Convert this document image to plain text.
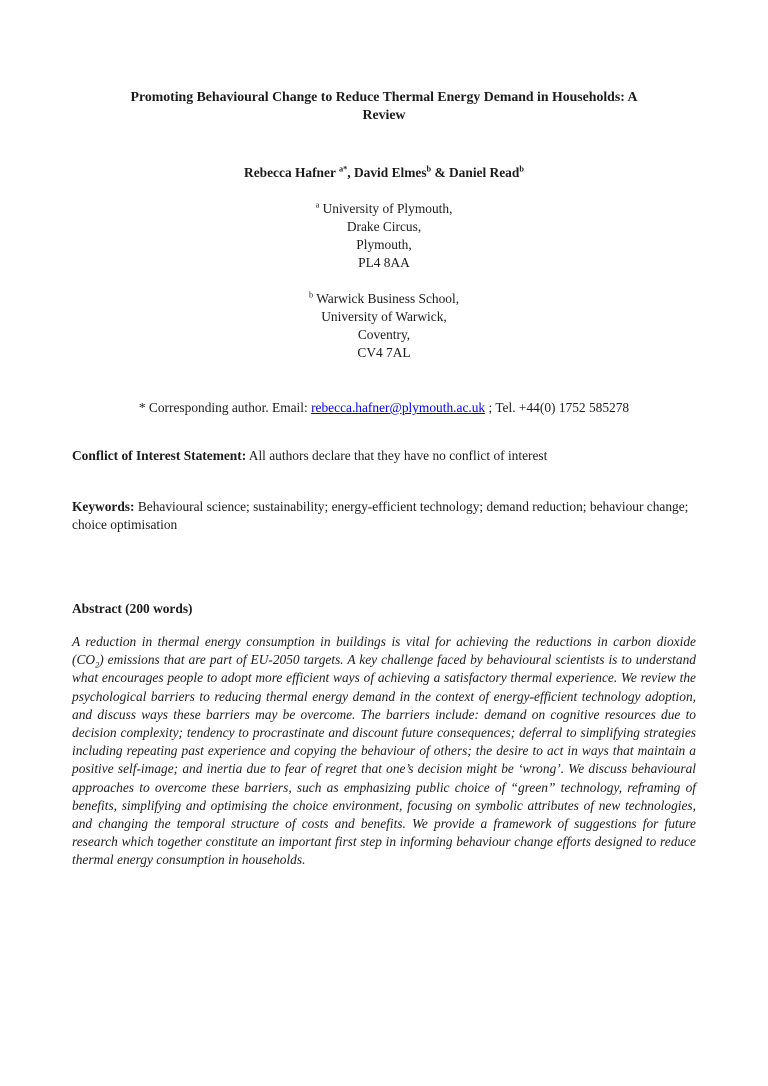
Promoting Behavioural Change to Reduce Thermal Energy Demand in Households: A
Review
Rebecca Hafner $^{a*}$, David Elmes$^b$ & Daniel Read$^b$
$^a$ University of Plymouth,
Drake Circus,
Plymouth,
PL4 8AA
$^b$ Warwick Business School,
University of Warwick,
Coventry,
CV4 7AL
* Corresponding author. Email: rebecca.hafner@plymouth.ac.uk ; Tel. +44(0) 1752 585278
Conflict of Interest Statement: All authors declare that they have no conflict of interest
Keywords: Behavioural science; sustainability; energy-efficient technology; demand reduction; behaviour change; choice optimisation
Abstract (200 words)
A reduction in thermal energy consumption in buildings is vital for achieving the reductions in carbon dioxide $(CO_2)$ emissions that are part of EU-2050 targets. A key challenge faced by behavioural scientists is to understand what encourages people to adopt more efficient ways of achieving a satisfactory thermal experience. We review the psychological barriers to reducing thermal energy demand in the context of energy-efficient technology adoption, and discuss ways these barriers may be overcome. The barriers include: demand on cognitive resources due to decision complexity; tendency to procrastinate and discount future consequences; deferral to simplifying strategies including repeating past experience and copying the behaviour of others; the desire to act in ways that maintain a positive self-image; and inertia due to fear of regret that one’s decision might be ‘wrong’. We discuss behavioural approaches to overcome these barriers, such as emphasizing public choice of “green” technology, reframing of benefits, simplifying and optimising the choice environment, focusing on symbolic attributes of new technologies, and changing the temporal structure of costs and benefits. We provide a framework of suggestions for future research which together constitute an important first step in informing behaviour change efforts designed to reduce thermal energy consumption in households.
